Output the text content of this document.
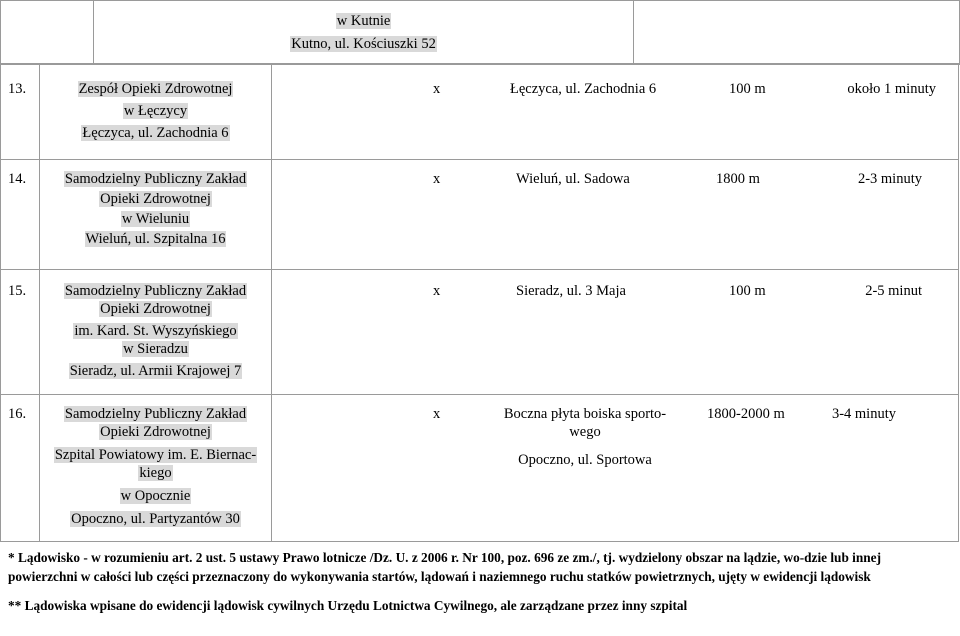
w Kutnie
Kutno, ul. Kościuszki 52

13.	Zespół Opieki Zdrowotnej
w Łęczycy
Łęczyca, ul. Zachodnia 6
x	Łęczyca, ul. Zachodnia 6	100 m	około 1 minuty
14.	Samodzielny Publiczny Zakład
Opieki Zdrowotnej
w Wieluniu
Wieluń, ul. Szpitalna 16
x	Wieluń, ul. Sadowa	1800 m	2-3 minuty
15.	Samodzielny Publiczny Zakład
Opieki Zdrowotnej
im. Kard. St. Wyszyńskiego
w Sieradzu
Sieradz, ul. Armii Krajowej 7
x	Sieradz, ul. 3 Maja	100 m	2-5 minut
16.	Samodzielny Publiczny Zakład
Opieki Zdrowotnej
Szpital Powiatowy im. E. Biernac-
kiego
w Opocznie
Opoczno, ul. Partyzantów 30
x	Boczna płyta boiska sporto-
wego
Opoczno, ul. Sportowa
1800-2000 m	3-4 minuty

* Lądowisko - w rozumieniu art. 2 ust. 5 ustawy Prawo lotnicze /Dz. U. z 2006 r. Nr 100, poz. 696 ze zm./, tj. wydzielony obszar na lądzie, wo-dzie lub innej powierzchni w całości lub części przeznaczony do wykonywania startów, lądowań i naziemnego ruchu statków powietrznych, ujęty w ewidencji lądowisk

** Lądowiska wpisane do ewidencji lądowisk cywilnych Urzędu Lotnictwa Cywilnego, ale zarządzane przez inny szpital
